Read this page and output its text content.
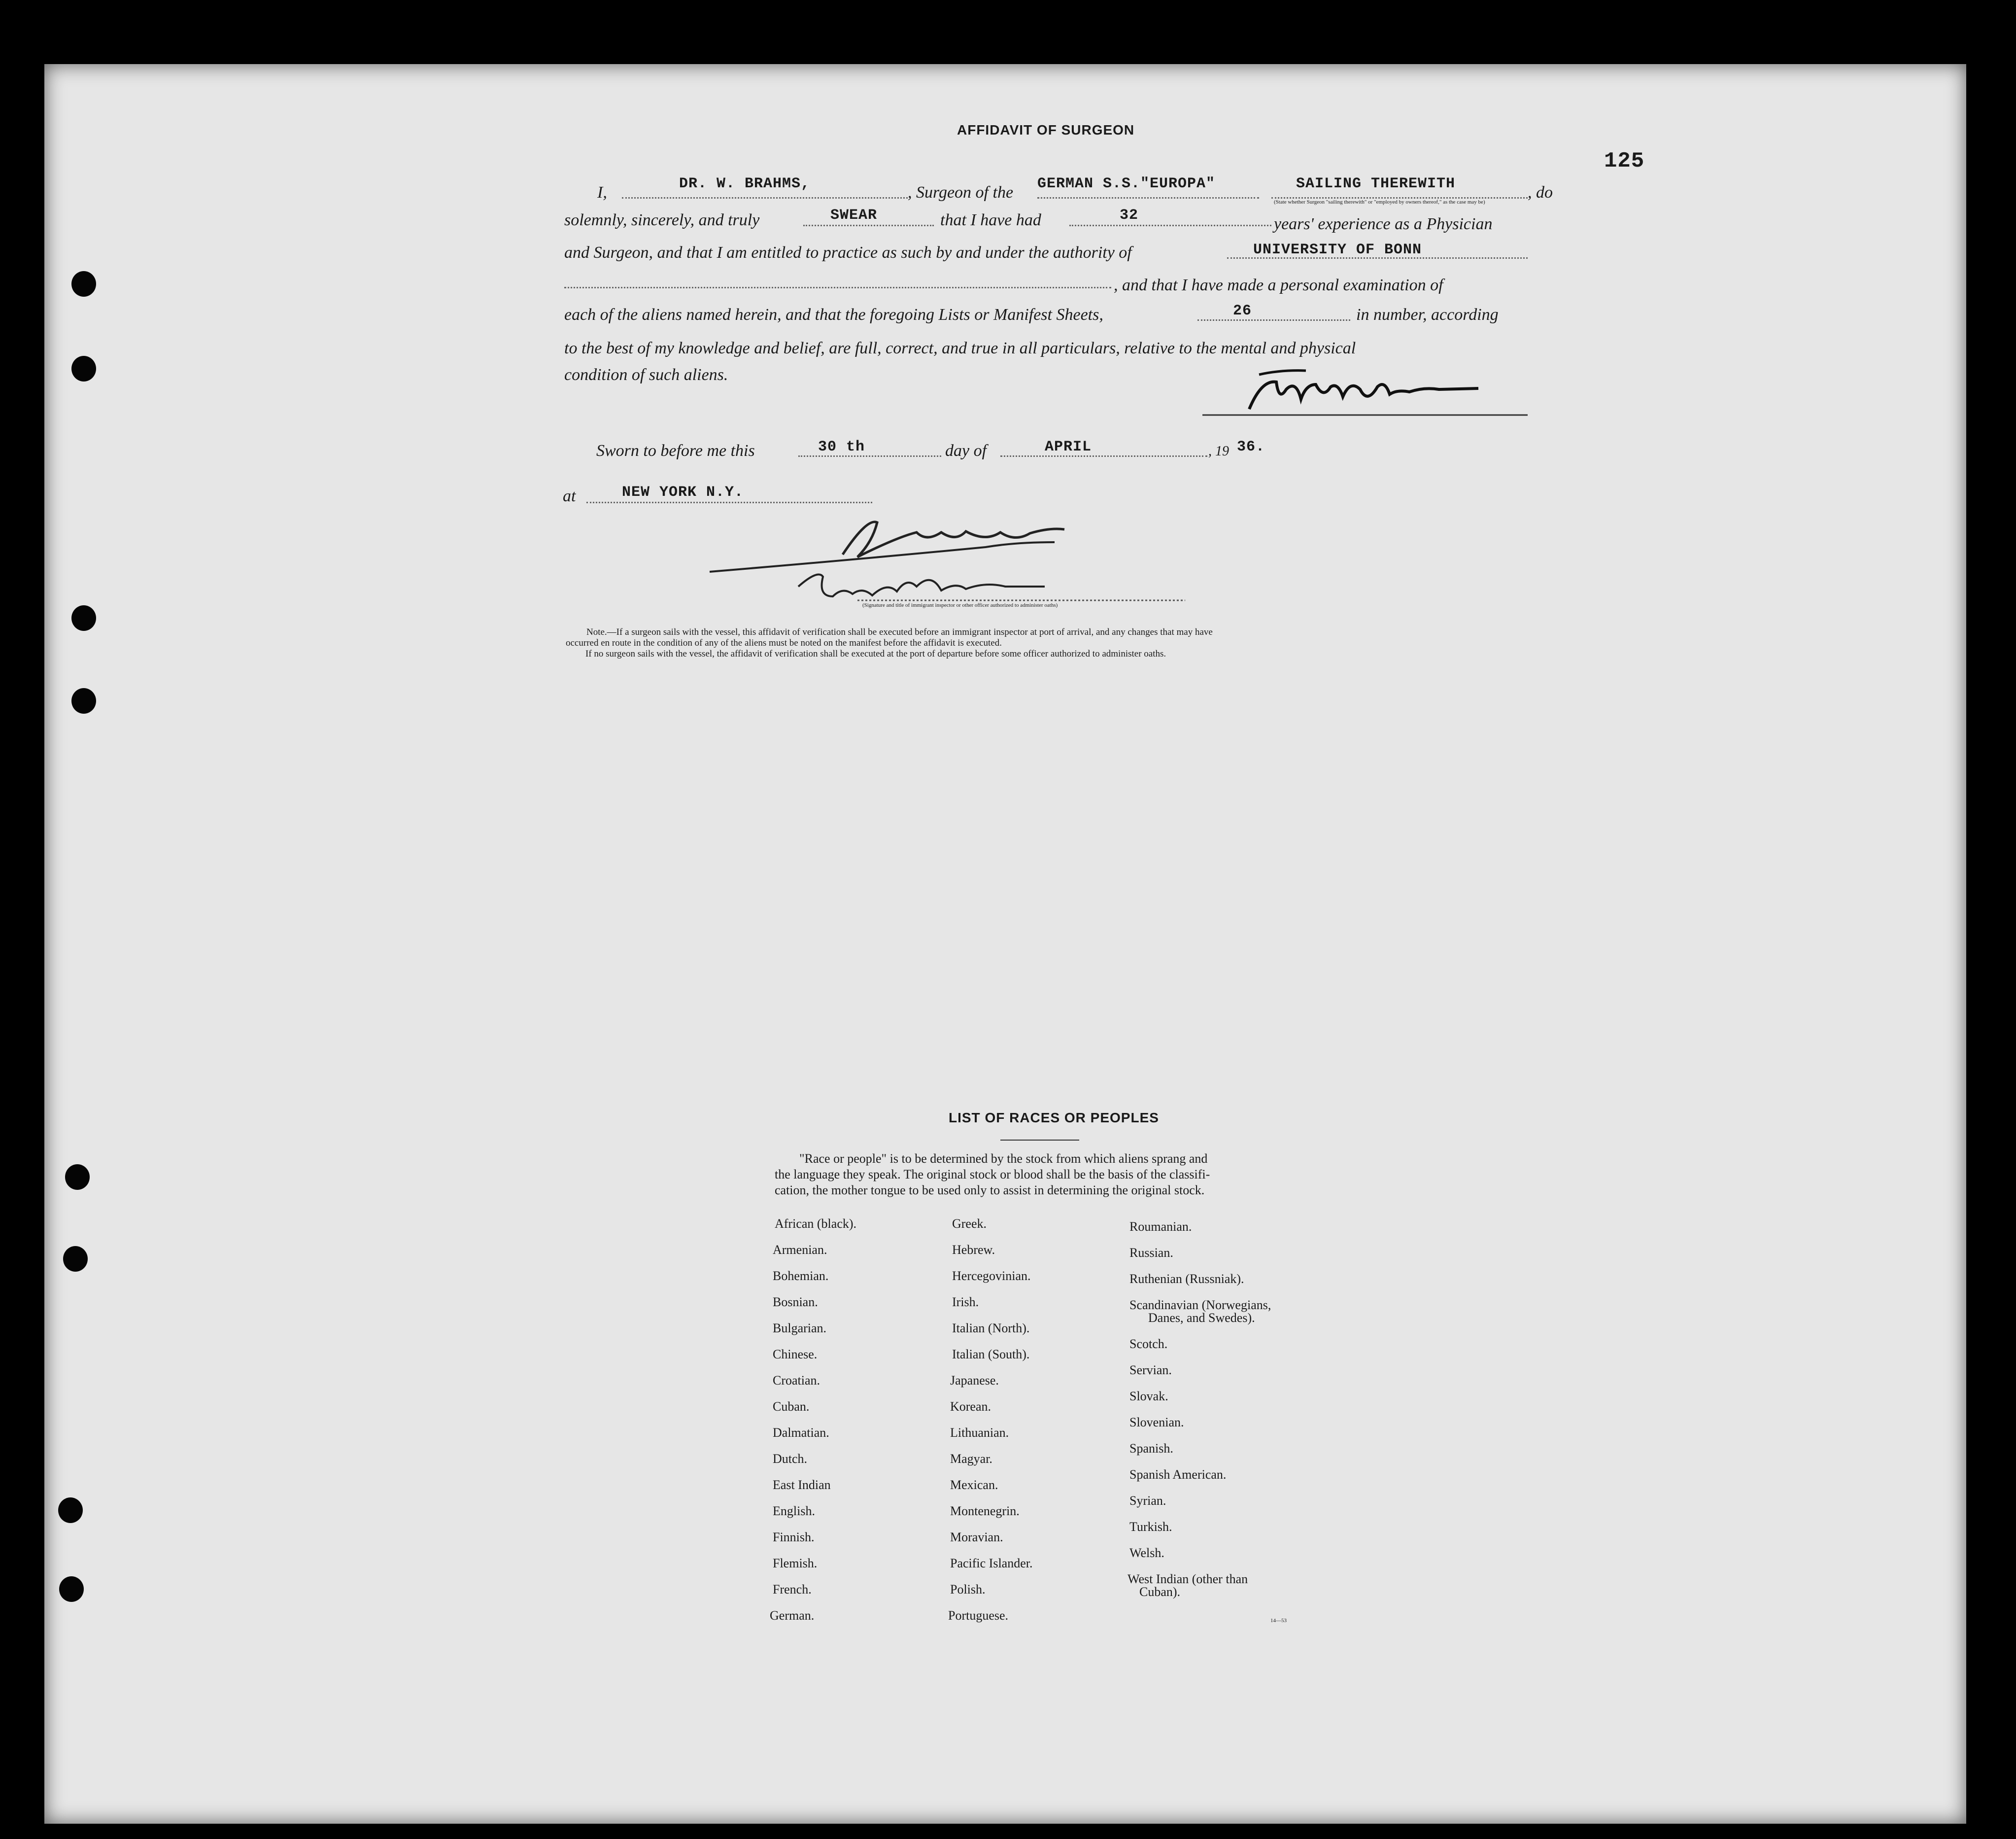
125
AFFIDAVIT OF SURGEON
I,	DR. W. BRAHMS,	, Surgeon of the GERMAN S.S."EUROPA"	SAILING THEREWITH	, do
(State whether Surgeon "sailing therewith" or "employed by owners thereof," as the case may be)
solemnly, sincerely, and truly	SWEAR	that I have had	32	years' experience as a Physician
and Surgeon, and that I am entitled to practice as such by and under the authority of	UNIVERSITY OF BONN
, and that I have made a personal examination of
each of the aliens named herein, and that the foregoing Lists or Manifest Sheets,	26	in number, according
to the best of my knowledge and belief, are full, correct, and true in all particulars, relative to the mental and physical
condition of such aliens.
Sworn to before me this	30 th	day of	APRIL	, 19 36.
at	NEW YORK N.Y.
(Signature and title of immigrant inspector or other officer authorized to administer oaths)
Note.—If a surgeon sails with the vessel, this affidavit of verification shall be executed before an immigrant inspector at port of arrival, and any changes that may have
occurred en route in the condition of any of the aliens must be noted on the manifest before the affidavit is executed.
If no surgeon sails with the vessel, the affidavit of verification shall be executed at the port of departure before some officer authorized to administer oaths.
LIST OF RACES OR PEOPLES
"Race or people" is to be determined by the stock from which aliens sprang and
the language they speak. The original stock or blood shall be the basis of the classifi-
cation, the mother tongue to be used only to assist in determining the original stock.
African (black).
Armenian.
Bohemian.
Bosnian.
Bulgarian.
Chinese.
Croatian.
Cuban.
Dalmatian.
Dutch.
East Indian
English.
Finnish.
Flemish.
French.
German.
Greek.
Hebrew.
Hercegovinian.
Irish.
Italian (North).
Italian (South).
Japanese.
Korean.
Lithuanian.
Magyar.
Mexican.
Montenegrin.
Moravian.
Pacific Islander.
Polish.
Portuguese.
Roumanian.
Russian.
Ruthenian (Russniak).
Scandinavian (Norwegians,
Danes, and Swedes).
Scotch.
Servian.
Slovak.
Slovenian.
Spanish.
Spanish American.
Syrian.
Turkish.
Welsh.
West Indian (other than
Cuban).
14—53
